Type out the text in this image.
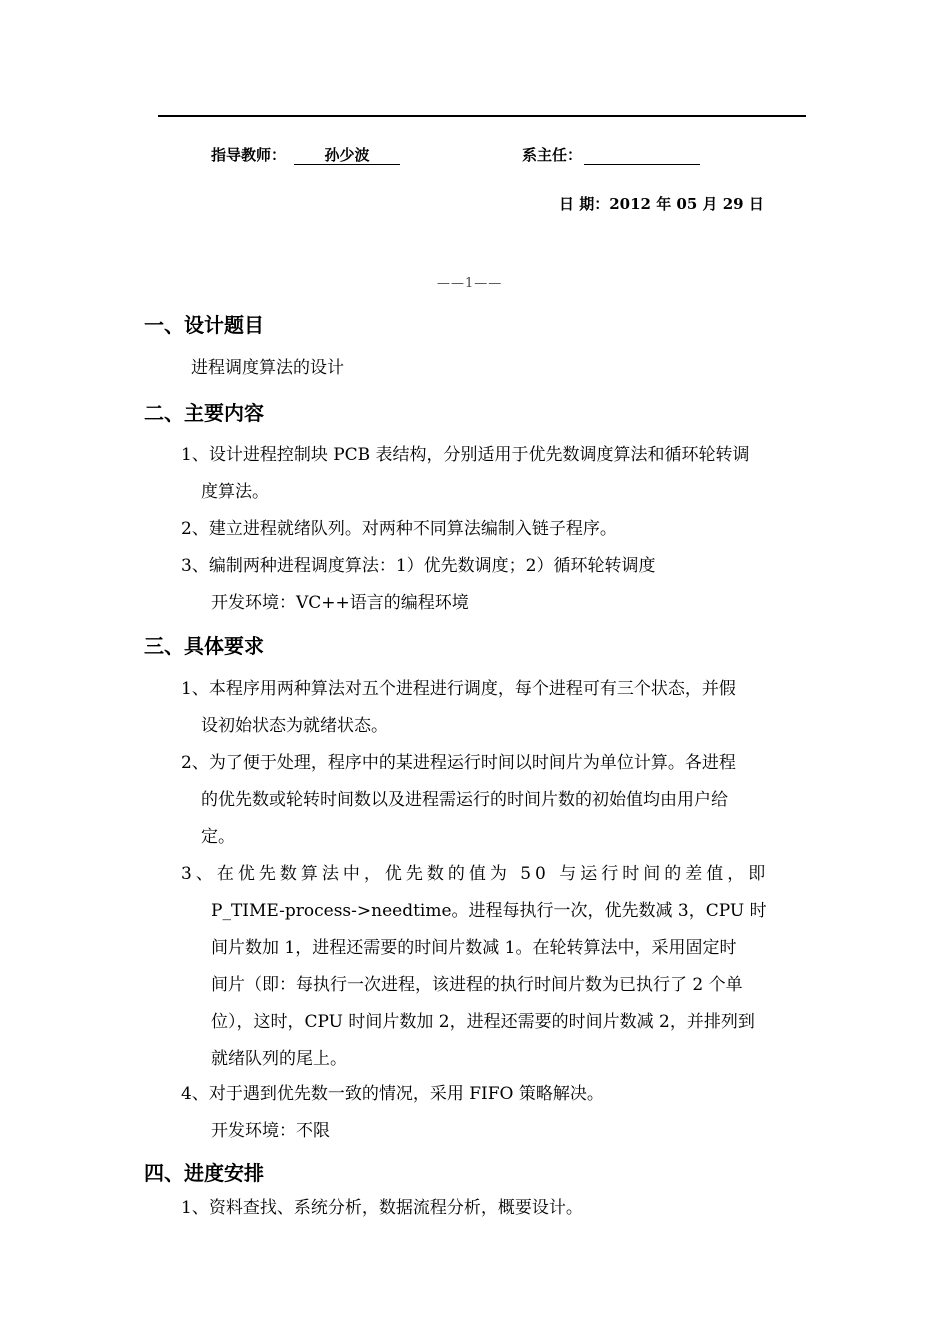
指导教师：	孙少波	系主任：
日 期：2012 年 05 月 29 日
——1——
一、设计题目
进程调度算法的设计
二、主要内容
1、设计进程控制块 PCB 表结构，分别适用于优先数调度算法和循环轮转调
度算法。
2、建立进程就绪队列。对两种不同算法编制入链子程序。
3、编制两种进程调度算法：1）优先数调度；2）循环轮转调度
开发环境：VC++语言的编程环境
三、具体要求
1、本程序用两种算法对五个进程进行调度，每个进程可有三个状态，并假
设初始状态为就绪状态。
2、为了便于处理，程序中的某进程运行时间以时间片为单位计算。各进程
的优先数或轮转时间数以及进程需运行的时间片数的初始值均由用户给
定。
3、在优先数算法中，优先数的值为 50 与运行时间的差值，即
P_TIME-process->needtime。进程每执行一次，优先数减 3，CPU 时
间片数加 1，进程还需要的时间片数减 1。在轮转算法中，采用固定时
间片（即：每执行一次进程，该进程的执行时间片数为已执行了 2 个单
位），这时，CPU 时间片数加 2，进程还需要的时间片数减 2，并排列到
就绪队列的尾上。
4、对于遇到优先数一致的情况，采用 FIFO 策略解决。
开发环境：不限
四、进度安排
1、资料查找、系统分析，数据流程分析，概要设计。
